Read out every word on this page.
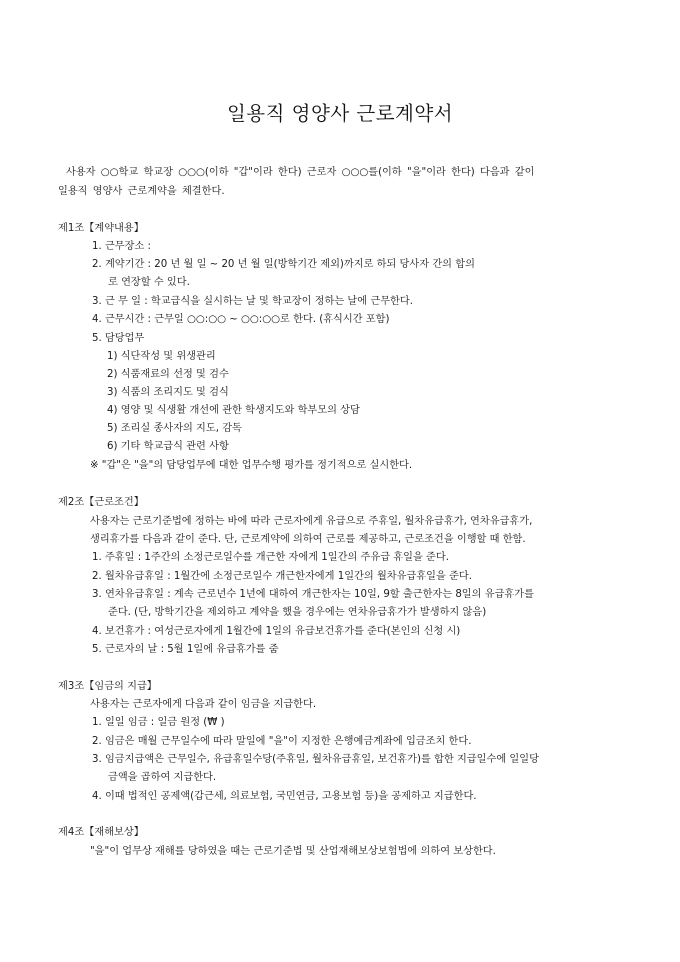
일용직 영양사 근로계약서
사용자 ○○학교 학교장 ○○○(이하 "갑"이라 한다) 근로자 ○○○를(이하 "을"이라 한다) 다음과 같이
일용직 영양사 근로계약을 체결한다.
제1조【계약내용】
1. 근무장소 :
2. 계약기간 : 20 년 월 일 ~ 20 년 월 일(방학기간 제외)까지로 하되 당사자 간의 합의
로 연장할 수 있다.
3. 근 무 일 : 학교급식을 실시하는 날 및 학교장이 정하는 날에 근무한다.
4. 근무시간 : 근무일 ○○:○○ ~ ○○:○○로 한다. (휴식시간 포함)
5. 담당업무
1) 식단작성 및 위생관리
2) 식품재료의 선정 및 검수
3) 식품의 조리지도 및 검식
4) 영양 및 식생활 개선에 관한 학생지도와 학부모의 상담
5) 조리실 종사자의 지도, 감독
6) 기타 학교급식 관련 사항
※ "갑"은 "을"의 담당업무에 대한 업무수행 평가를 정기적으로 실시한다.
제2조【근로조건】
사용자는 근로기준법에 정하는 바에 따라 근로자에게 유급으로 주휴일, 월차유급휴가, 연차유급휴가,
생리휴가를 다음과 같이 준다. 단, 근로계약에 의하여 근로를 제공하고, 근로조건을 이행할 때 한함.
1. 주휴일 : 1주간의 소정근로일수를 개근한 자에게 1일간의 주유급 휴일을 준다.
2. 월차유급휴일 : 1월간에 소정근로일수 개근한자에게 1일간의 월차유급휴일을 준다.
3. 연차유급휴일 : 계속 근로년수 1년에 대하여 개근한자는 10일, 9할 출근한자는 8일의 유급휴가를
준다. (단, 방학기간을 제외하고 계약을 했을 경우에는 연차유급휴가가 발생하지 않음)
4. 보건휴가 : 여성근로자에게 1월간에 1일의 유급보건휴가를 준다(본인의 신청 시)
5. 근로자의 날 : 5월 1일에 유급휴가를 줌
제3조【임금의 지급】
사용자는 근로자에게 다음과 같이 임금을 지급한다.
1. 일일 임금 : 일금 원정 (₩ )
2. 임금은 매월 근무일수에 따라 말일에 "을"이 지정한 은행예금계좌에 입금조치 한다.
3. 임금지급액은 근무일수, 유급휴일수당(주휴일, 월차유급휴일, 보건휴가)를 합한 지급일수에 일일당
금액을 곱하여 지급한다.
4. 이때 법적인 공제액(갑근세, 의료보험, 국민연금, 고용보험 등)을 공제하고 지급한다.
제4조【재해보상】
"을"이 업무상 재해를 당하였을 때는 근로기준법 및 산업재해보상보험법에 의하여 보상한다.
